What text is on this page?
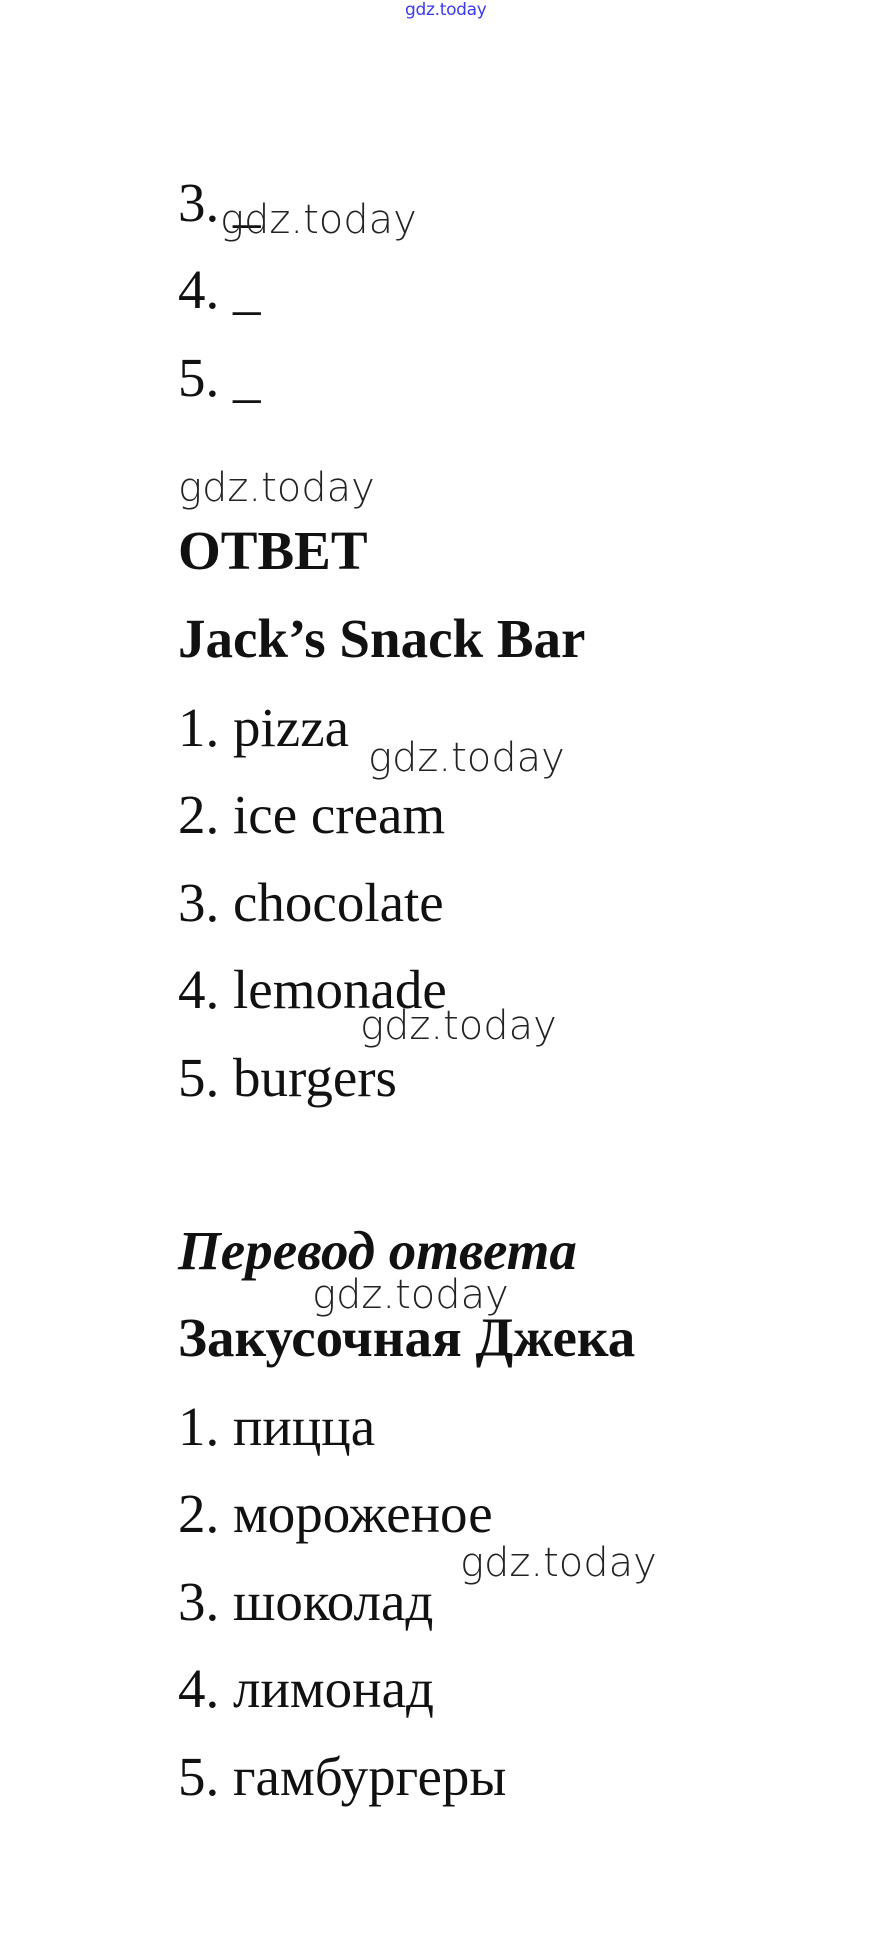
gdz.today
3. _
4. _
5. _
ОТВЕТ
Jack’s Snack Bar
1. pizza
2. ice cream
3. chocolate
4. lemonade
5. burgers
Перевод ответа
Закусочная Джека
1. пицца
2. мороженое
3. шоколад
4. лимонад
5. гамбургеры
gdz.today
gdz.today
gdz.today
gdz.today
gdz.today
gdz.today
